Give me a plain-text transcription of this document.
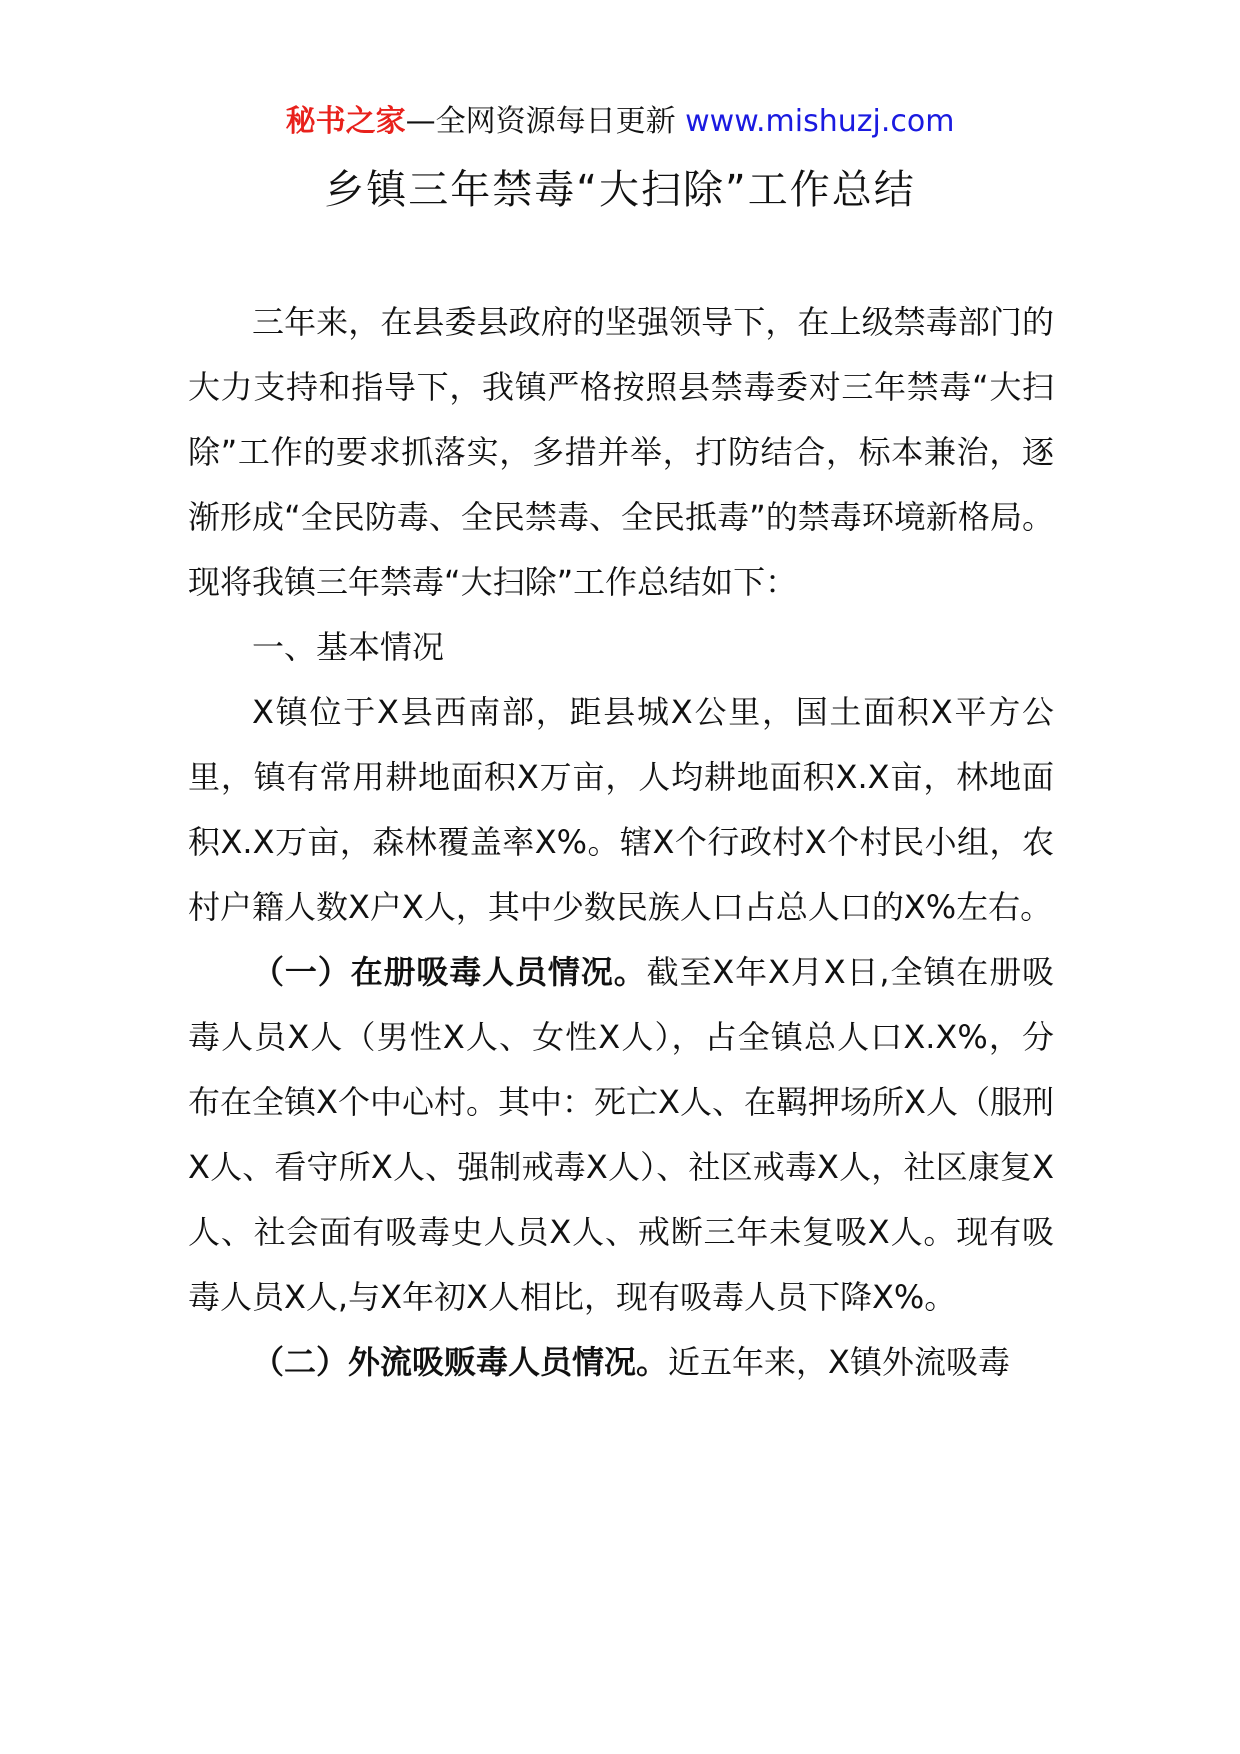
秘书之家—全网资源每日更新 www.mishuzj.com
乡镇三年禁毒“大扫除”工作总结

三年来，在县委县政府的坚强领导下，在上级禁毒部门的大力支持和指导下，我镇严格按照县禁毒委对三年禁毒“大扫除”工作的要求抓落实，多措并举，打防结合，标本兼治，逐渐形成“全民防毒、全民禁毒、全民抵毒”的禁毒环境新格局。现将我镇三年禁毒“大扫除”工作总结如下：

一、基本情况

X镇位于X县西南部，距县城X公里，国土面积X平方公里，镇有常用耕地面积X万亩，人均耕地面积X.X亩，林地面积X.X万亩，森林覆盖率X%。辖X个行政村X个村民小组，农村户籍人数X户X人，其中少数民族人口占总人口的X%左右。

（一）在册吸毒人员情况。截至X年X月X日,全镇在册吸毒人员X人（男性X人、女性X人），占全镇总人口X.X%，分布在全镇X个中心村。其中：死亡X人、在羁押场所X人（服刑X人、看守所X人、强制戒毒X人）、社区戒毒X人，社区康复X人、社会面有吸毒史人员X人、戒断三年未复吸X人。现有吸毒人员X人,与X年初X人相比，现有吸毒人员下降X%。

（二）外流吸贩毒人员情况。近五年来，X镇外流吸毒
